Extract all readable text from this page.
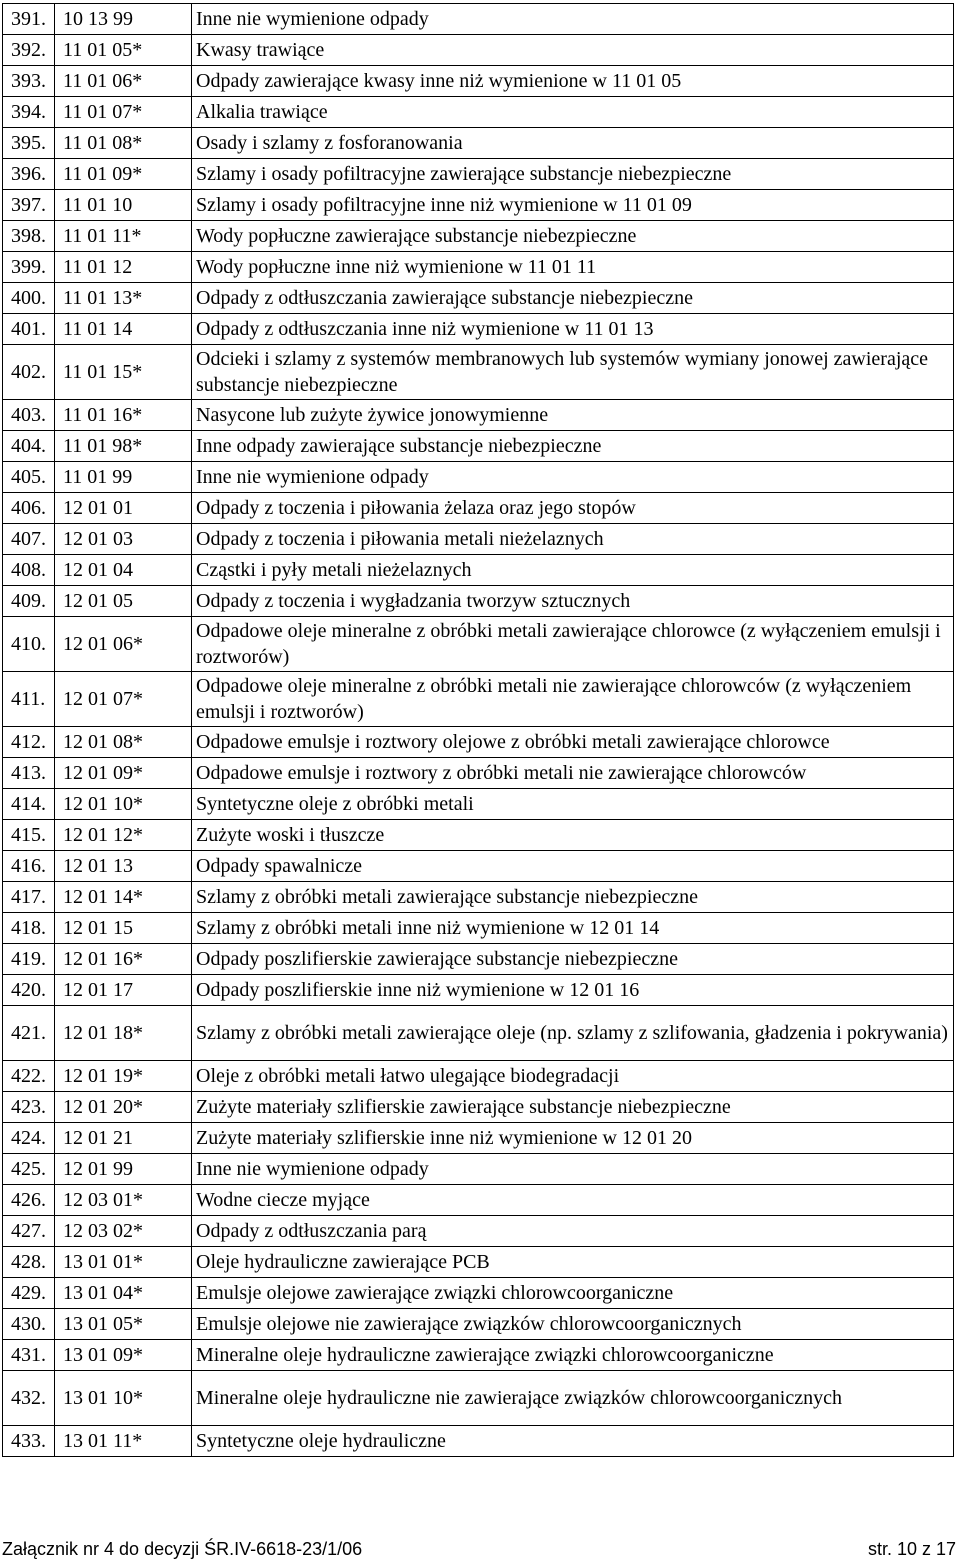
391.	10 13 99	Inne nie wymienione odpady
392.	11 01 05*	Kwasy trawiące
393.	11 01 06*	Odpady zawierające kwasy inne niż wymienione w 11 01 05
394.	11 01 07*	Alkalia trawiące
395.	11 01 08*	Osady i szlamy z fosforanowania
396.	11 01 09*	Szlamy i osady pofiltracyjne zawierające substancje niebezpieczne
397.	11 01 10	Szlamy i osady pofiltracyjne inne niż wymienione w 11 01 09
398.	11 01 11*	Wody popłuczne zawierające substancje niebezpieczne
399.	11 01 12	Wody popłuczne inne niż wymienione w 11 01 11
400.	11 01 13*	Odpady z odtłuszczania zawierające substancje niebezpieczne
401.	11 01 14	Odpady z odtłuszczania inne niż wymienione w 11 01 13
402.	11 01 15*	Odcieki i szlamy z systemów membranowych lub systemów wymiany jonowej zawierające substancje niebezpieczne
403.	11 01 16*	Nasycone lub zużyte żywice jonowymienne
404.	11 01 98*	Inne odpady zawierające substancje niebezpieczne
405.	11 01 99	Inne nie wymienione odpady
406.	12 01 01	Odpady z toczenia i piłowania żelaza oraz jego stopów
407.	12 01 03	Odpady z toczenia i piłowania metali nieżelaznych
408.	12 01 04	Cząstki i pyły metali nieżelaznych
409.	12 01 05	Odpady z toczenia i wygładzania tworzyw sztucznych
410.	12 01 06*	Odpadowe oleje mineralne z obróbki metali zawierające chlorowce (z wyłączeniem emulsji i roztworów)
411.	12 01 07*	Odpadowe oleje mineralne z obróbki metali nie zawierające chlorowców (z wyłączeniem emulsji i roztworów)
412.	12 01 08*	Odpadowe emulsje i roztwory olejowe z obróbki metali zawierające chlorowce
413.	12 01 09*	Odpadowe emulsje i roztwory z obróbki metali nie zawierające chlorowców
414.	12 01 10*	Syntetyczne oleje z obróbki metali
415.	12 01 12*	Zużyte woski i tłuszcze
416.	12 01 13	Odpady spawalnicze
417.	12 01 14*	Szlamy z obróbki metali zawierające substancje niebezpieczne
418.	12 01 15	Szlamy z obróbki metali inne niż wymienione w 12 01 14
419.	12 01 16*	Odpady poszlifierskie zawierające substancje niebezpieczne
420.	12 01 17	Odpady poszlifierskie inne niż wymienione w 12 01 16
421.	12 01 18*	Szlamy z obróbki metali zawierające oleje (np. szlamy z szlifowania, gładzenia i pokrywania)
422.	12 01 19*	Oleje z obróbki metali łatwo ulegające biodegradacji
423.	12 01 20*	Zużyte materiały szlifierskie zawierające substancje niebezpieczne
424.	12 01 21	Zużyte materiały szlifierskie inne niż wymienione w 12 01 20
425.	12 01 99	Inne nie wymienione odpady
426.	12 03 01*	Wodne ciecze myjące
427.	12 03 02*	Odpady z odtłuszczania parą
428.	13 01 01*	Oleje hydrauliczne zawierające PCB
429.	13 01 04*	Emulsje olejowe zawierające związki chlorowcoorganiczne
430.	13 01 05*	Emulsje olejowe nie zawierające związków chlorowcoorganicznych
431.	13 01 09*	Mineralne oleje hydrauliczne zawierające związki chlorowcoorganiczne
432.	13 01 10*	Mineralne oleje hydrauliczne nie zawierające związków chlorowcoorganicznych
433.	13 01 11*	Syntetyczne oleje hydrauliczne
Załącznik nr 4 do decyzji ŚR.IV-6618-23/1/06	str. 10 z 17
